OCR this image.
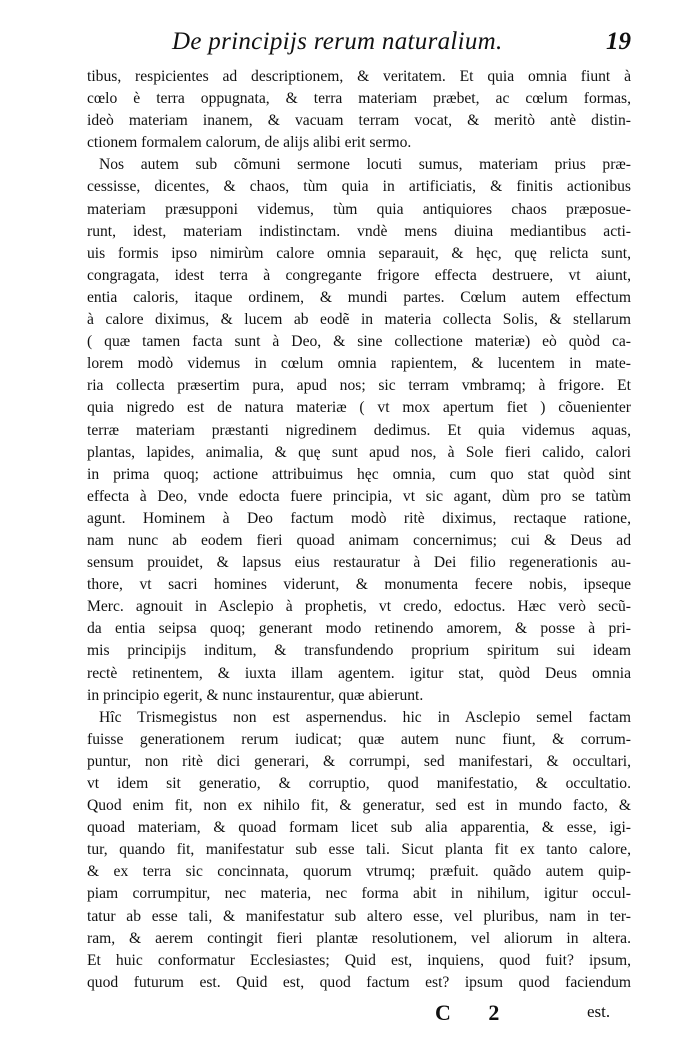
De principijs rerum naturalium.	19
tibus, respicientes ad descriptionem, & veritatem. Et quia omnia fiunt à
cœlo è terra oppugnata, & terra materiam præbet, ac cœlum formas,
ideò materiam inanem, & vacuam terram vocat, & meritò antè distin-
ctionem formalem calorum, de alijs alibi erit sermo.
Nos autem sub cõmuni sermone locuti sumus, materiam prius præ-
cessisse, dicentes, & chaos, tùm quia in artificiatis, & finitis actionibus
materiam præsupponi videmus, tùm quia antiquiores chaos præposue-
runt, idest, materiam indistinctam. vndè mens diuina mediantibus acti-
uis formis ipso nimirùm calore omnia separauit, & hęc, quę relicta sunt,
congragata, idest terra à congregante frigore effecta destruere, vt aiunt,
entia caloris, itaque ordinem, & mundi partes. Cœlum autem effectum
à calore diximus, & lucem ab eodẽ in materia collecta Solis, & stellarum
( quæ tamen facta sunt à Deo, & sine collectione materiæ) eò quòd ca-
lorem modò videmus in cœlum omnia rapientem, & lucentem in mate-
ria collecta præsertim pura, apud nos; sic terram vmbramq; à frigore. Et
quia nigredo est de natura materiæ ( vt mox apertum fiet ) cõuenienter
terræ materiam præstanti nigredinem dedimus. Et quia videmus aquas,
plantas, lapides, animalia, & quę sunt apud nos, à Sole fieri calido, calori
in prima quoq; actione attribuimus hęc omnia, cum quo stat quòd sint
effecta à Deo, vnde edocta fuere principia, vt sic agant, dùm pro se tatùm
agunt. Hominem à Deo factum modò ritè diximus, rectaque ratione,
nam nunc ab eodem fieri quoad animam concernimus; cui & Deus ad
sensum prouidet, & lapsus eius restauratur à Dei filio regenerationis au-
thore, vt sacri homines viderunt, & monumenta fecere nobis, ipseque
Merc. agnouit in Asclepio à prophetis, vt credo, edoctus. Hæc verò secũ-
da entia seipsa quoq; generant modo retinendo amorem, & posse à pri-
mis principijs inditum, & transfundendo proprium spiritum sui ideam
rectè retinentem, & iuxta illam agentem. igitur stat, quòd Deus omnia
in principio egerit, & nunc instaurentur, quæ abierunt.
Hîc Trismegistus non est aspernendus. hic in Asclepio semel factam
fuisse generationem rerum iudicat; quæ autem nunc fiunt, & corrum-
puntur, non ritè dici generari, & corrumpi, sed manifestari, & occultari,
vt idem sit generatio, & corruptio, quod manifestatio, & occultatio.
Quod enim fit, non ex nihilo fit, & generatur, sed est in mundo facto, &
quoad materiam, & quoad formam licet sub alia apparentia, & esse, igi-
tur, quando fit, manifestatur sub esse tali. Sicut planta fit ex tanto calore,
& ex terra sic concinnata, quorum vtrumq; præfuit. quãdo autem quip-
piam corrumpitur, nec materia, nec forma abit in nihilum, igitur occul-
tatur ab esse tali, & manifestatur sub altero esse, vel pluribus, nam in ter-
ram, & aerem contingit fieri plantæ resolutionem, vel aliorum in altera.
Et huic conformatur Ecclesiastes; Quid est, inquiens, quod fuit? ipsum,
quod futurum est. Quid est, quod factum est? ipsum quod faciendum
C 2	est.
